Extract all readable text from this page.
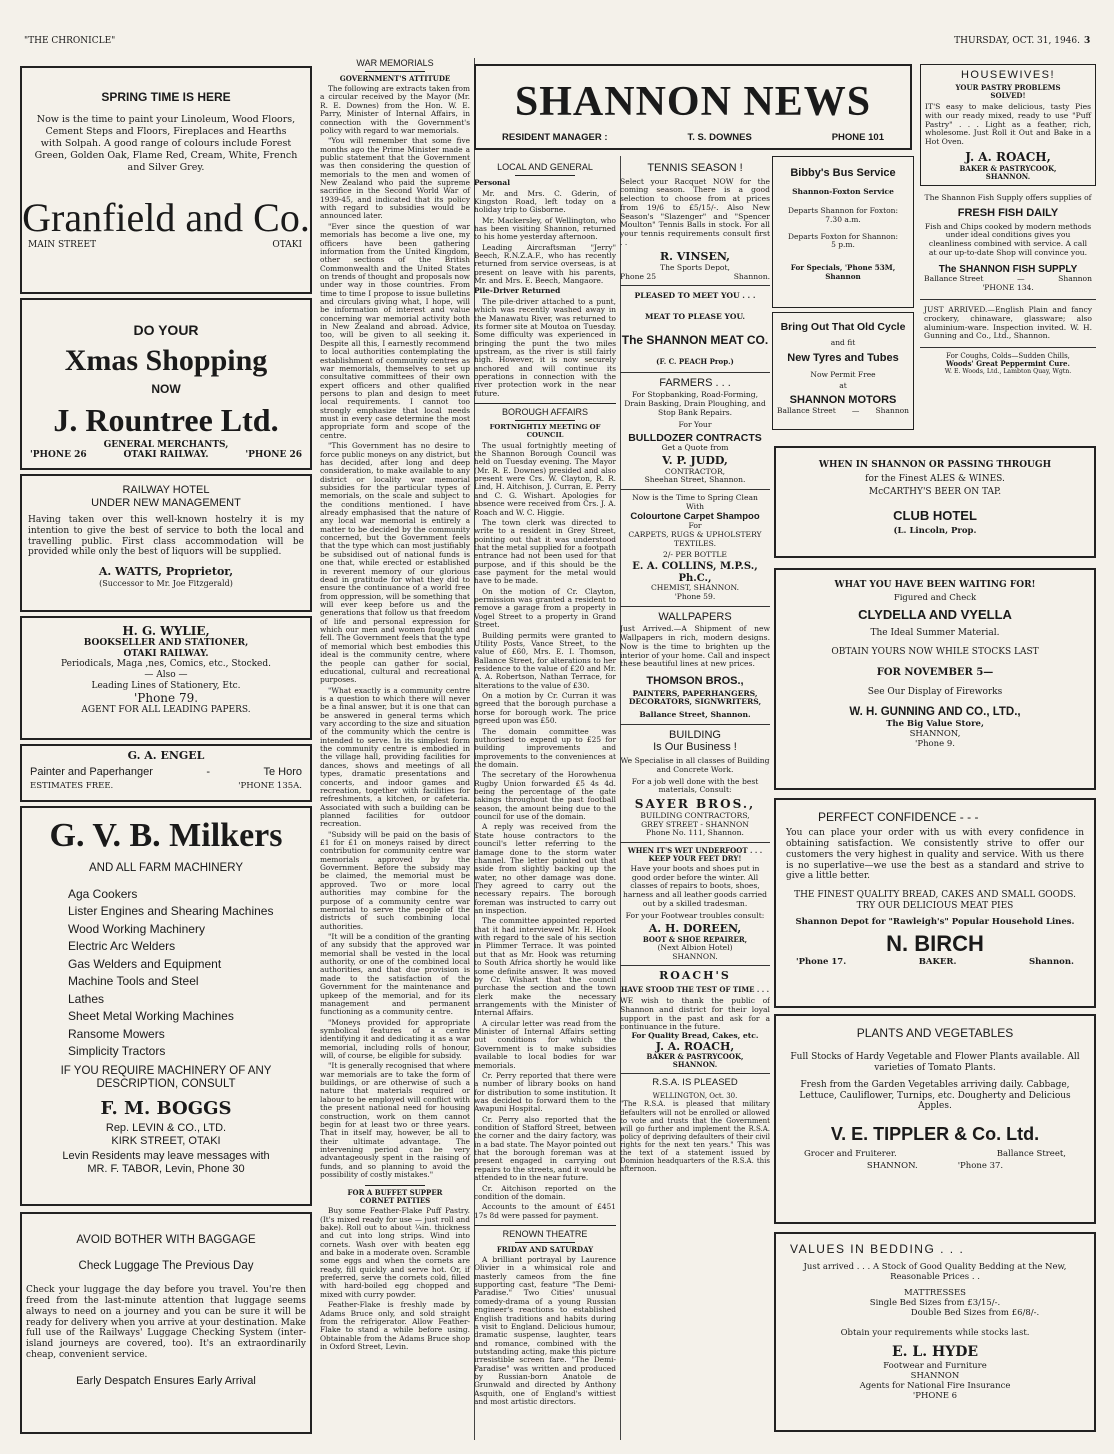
"THE CHRONICLE"	THURSDAY, OCT. 31, 1946. 3
SPRING TIME IS HERE
Now is the time to paint your Linoleum, Wood Floors, Cement Steps and Floors, Fireplaces and Hearths with Solpah. A good range of colours include Forest Green, Golden Oak, Flame Red, Cream, White, French and Silver Grey.
Granfield and Co.
MAIN STREET	OTAKI
DO YOUR
Xmas Shopping
NOW
J. Rountree Ltd.
GENERAL MERCHANTS,
'PHONE 26	OTAKI RAILWAY.	'PHONE 26
RAILWAY HOTEL
UNDER NEW MANAGEMENT
Having taken over this well-known hostelry it is my intention to give the best of service to both the local and travelling public. First class accommodation will be provided while only the best of liquors will be supplied.
A. WATTS, Proprietor,
(Successor to Mr. Joe Fitzgerald)
H. G. WYLIE,
BOOKSELLER AND STATIONER,
OTAKI RAILWAY.
Periodicals, Maga ,nes, Comics, etc., Stocked.
— Also —
Leading Lines of Stationery, Etc.
'Phone 79.
AGENT FOR ALL LEADING PAPERS.
G. A. ENGEL
Painter and Paperhanger	-	Te Horo
ESTIMATES FREE.	'PHONE 135A.
G. V. B. Milkers
AND ALL FARM MACHINERY
Aga Cookers
Lister Engines and Shearing Machines
Wood Working Machinery
Electric Arc Welders
Gas Welders and Equipment
Machine Tools and Steel
Lathes
Sheet Metal Working Machines
Ransome Mowers
Simplicity Tractors
IF YOU REQUIRE MACHINERY OF ANY
DESCRIPTION, CONSULT
F. M. BOGGS
Rep. LEVIN & CO., LTD.
KIRK STREET, OTAKI
Levin Residents may leave messages with
MR. F. TABOR, Levin, Phone 30
AVOID BOTHER WITH BAGGAGE
Check Luggage The Previous Day
Check your luggage the day before you travel. You're then freed from the last-minute attention that luggage seems always to need on a journey and you can be sure it will be ready for delivery when you arrive at your destination. Make full use of the Railways' Luggage Checking System (inter-island journeys are covered, too). It's an extraordinarily cheap, convenient service.
Early Despatch Ensures Early Arrival
WAR MEMORIALS
GOVERNMENT'S ATTITUDE

The following are extracts taken from a circular received by the Mayor (Mr. R. E. Downes) from the Hon. W. E. Parry, Minister of Internal Affairs, in connection with the Government's policy with regard to war memorials.

"You will remember that some five months ago the Prime Minister made a public statement that the Government was then considering the question of memorials to the men and women of New Zealand who paid the supreme sacrifice in the Second World War of 1939-45, and indicated that its policy with regard to subsidies would be announced later.

"Ever since the question of war memorials has become a live one, my officers have been gathering information from the United Kingdom, other sections of the British Commonwealth and the United States on trends of thought and proposals now under way in those countries. From time to time I propose to issue bulletins and circulars giving what, I hope, will be information of interest and value concerning war memorial activity both in New Zealand and abroad. Advice, too, will be given to all seeking it. Despite all this, I earnestly recommend to local authorities contemplating the establishment of community centres as war memorials, themselves to set up consultative committees of their own expert officers and other qualified persons to plan and design to meet local requirements. I cannot too strongly emphasize that local needs must in every case determine the most appropriate form and scope of the centre.

"This Government has no desire to force public moneys on any district, but has decided, after long and deep consideration, to make available to any district or locality war memorial subsidies for the particular types of memorials, on the scale and subject to the conditions mentioned. I have already emphasised that the nature of any local war memorial is entirely a matter to be decided by the community concerned, but the Government feels that the type which can most justifiably be subsidised out of national funds is one that, while erected or established in reverent memory of our glorious dead in gratitude for what they did to ensure the continuance of a world free from oppression, will be something that will ever keep before us and the generations that follow us that freedom of life and personal expression for which our men and women fought and fell. The Government feels that the type of memorial which best embodies this ideal is the community centre, where the people can gather for social, educational, cultural and recreational purposes.

"What exactly is a community centre is a question to which there will never be a final answer, but it is one that can be answered in general terms which vary according to the size and situation of the community which the centre is intended to serve. In its simplest form the community centre is embodied in the village hall, providing facilities for dances, shows and meetings of all types, dramatic presentations and concerts, and indoor games and recreation, together with facilities for refreshments, a kitchen, or cafeteria. Associated with such a building can be planned facilities for outdoor recreation.

"Subsidy will be paid on the basis of £1 for £1 on moneys raised by direct contribution for community centre war memorials approved by the Government. Before the subsidy may be claimed, the memorial must be approved. Two or more local authorities may combine for the purpose of a community centre war memorial to serve the people of the districts of such combining local authorities.

"It will be a condition of the granting of any subsidy that the approved war memorial shall be vested in the local authority, or one of the combined local authorities, and that due provision is made to the satisfaction of the Government for the maintenance and upkeep of the memorial, and for its management and permanent functioning as a community centre.

"Moneys provided for appropriate symbolical features of a centre identifying it and dedicating it as a war memorial, including rolls of honour, will, of course, be eligible for subsidy.

"It is generally recognised that where war memorials are to take the form of buildings, or are otherwise of such a nature that materials required or labour to be employed will conflict with the present national need for housing construction, work on them cannot begin for at least two or three years. That in itself may, however, be all to their ultimate advantage. The intervening period can be very advantageously spent in the raising of funds, and so planning to avoid the possibility of costly mistakes."

FOR A BUFFET SUPPER
CORNET PATTIES

Buy some Feather-Flake Puff Pastry. (It's mixed ready for use — just roll and bake). Roll out to about ¼in. thickness and cut into long strips. Wind into cornets. Wash over with beaten egg and bake in a moderate oven. Scramble some eggs and when the cornets are ready, fill quickly and serve hot. Or, if preferred, serve the cornets cold, filled with hard-boiled egg chopped and mixed with curry powder.

Feather-Flake is freshly made by Adams Bruce only, and sold straight from the refrigerator. Allow Feather-Flake to stand a while before using. Obtainable from the Adams Bruce shop in Oxford Street, Levin.

SHANNON NEWS
RESIDENT MANAGER :	T. S. DOWNES	PHONE 101
LOCAL AND GENERAL

Personal

Mr. and Mrs. C. Gderin, of Kingston Road, left today on a holiday trip to Gisborne.

Mr. Mackersley, of Wellington, who has been visiting Shannon, returned to his home yesterday afternoon.

Leading Aircraftsman "Jerry" Beech, R.N.Z.A.F., who has recently returned from service overseas, is at present on leave with his parents, Mr. and Mrs. E. Beech, Mangaore.

Pile-Driver Returned

The pile-driver attached to a punt, which was recently washed away in the Manawatu River, was returned to its former site at Moutoa on Tuesday. Some difficulty was experienced in bringing the punt the two miles upstream, as the river is still fairly high. However, it is now securely anchored and will continue its operations in connection with the river protection work in the near future.

BOROUGH AFFAIRS
FORTNIGHTLY MEETING OF
COUNCIL

The usual fortnightly meeting of the Shannon Borough Council was held on Tuesday evening. The Mayor (Mr. R. E. Downes) presided and also present were Crs. W. Clayton, R. R. Lind, H. Aitchison, J. Curran, E. Perry and C. G. Wishart. Apologies for absence were received from Crs. J. A. Roach and W. C. Higgie.

The town clerk was directed to write to a resident in Grey Street, pointing out that it was understood that the metal supplied for a footpath entrance had not been used for that purpose, and if this should be the case payment for the metal would have to be made.

On the motion of Cr. Clayton, permission was granted a resident to remove a garage from a property in Vogel Street to a property in Grand Street.

Building permits were granted to Utility Posts, Vance Street, to the value of £60, Mrs. E. I. Thomson, Ballance Street, for alterations to her residence to the value of £20 and Mr. A. A. Robertson, Nathan Terrace, for alterations to the value of £30.

On a motion by Cr. Curran it was agreed that the borough purchase a horse for borough work. The price agreed upon was £50.

The domain committee was authorised to expend up to £25 for building improvements and improvements to the conveniences at the domain.

The secretary of the Horowhenua Rugby Union forwarded £5 4s 4d. being the percentage of the gate takings throughout the past football season, the amount being due to the council for use of the domain.

A reply was received from the State house contractors to the council's letter referring to the damage done to the storm water channel. The letter pointed out that aside from slightly backing up the water, no other damage was done. They agreed to carry out the necessary repairs. The borough foreman was instructed to carry out an inspection.

The committee appointed reported that it had interviewed Mr. H. Hook with regard to the sale of his section in Plimmer Terrace. It was pointed out that as Mr. Hook was returning to South Africa shortly he would like some definite answer. It was moved by Cr. Wishart that the council purchase the section and the town clerk make the necessary arrangements with the Minister of Internal Affairs.

A circular letter was read from the Minister of Internal Affairs setting out conditions for which the Government is to make subsidies available to local bodies for war memorials.

Cr. Perry reported that there were a number of library books on hand for distribution to some institution. It was decided to forward them to the Awapuni Hospital.

Cr. Perry also reported that the condition of Stafford Street, between the corner and the dairy factory, was in a bad state. The Mayor pointed out that the borough foreman was at present engaged in carrying out repairs to the streets, and it would be attended to in the near future.

Cr. Aitchison reported on the condition of the domain.

Accounts to the amount of £451 17s 8d were passed for payment.

RENOWN THEATRE
FRIDAY AND SATURDAY

A brilliant portrayal by Laurence Olivier in a whimsical role and masterly cameos from the fine supporting cast, feature "The Demi-Paradise." Two Cities' unusual comedy-drama of a young Russian engineer's reactions to established English traditions and habits during a visit to England. Delicious humour, dramatic suspense, laughter, tears and romance, combined with the outstanding acting, make this picture irresistible screen fare. "The Demi-Paradise" was written and produced by Russian-born Anatole de Grunwald and directed by Anthony Asquith, one of England's wittiest and most artistic directors.

TENNIS SEASON !
Select your Racquet NOW for the coming season. There is a good selection to choose from at prices from 19/6 to £5/15/-. Also New Season's "Slazenger" and "Spencer Moulton" Tennis Balls in stock. For all your tennis requirements consult first . .
R. VINSEN,
The Sports Depot,
Phone 25	Shannon.
PLEASED TO MEET YOU . . .
MEAT TO PLEASE YOU.
The SHANNON MEAT CO.
(F. C. PEACH Prop.)
FARMERS . . .
For Stopbanking, Road-Forming, Drain Basking, Drain Ploughing, and Stop Bank Repairs.
For Your
BULLDOZER CONTRACTS
Get a Quote from
V. P. JUDD,
CONTRACTOR,
Sheehan Street, Shannon.
Now is the Time to Spring Clean
With
Colourtone Carpet Shampoo
For
CARPETS, RUGS & UPHOLSTERY TEXTILES.
2/- PER BOTTLE
E. A. COLLINS, M.P.S., Ph.C.,
CHEMIST, SHANNON.
'Phone 59.
WALLPAPERS
Just Arrived.—A Shipment of new Wallpapers in rich, modern designs. Now is the time to brighten up the interior of your home. Call and inspect these beautiful lines at new prices.
THOMSON BROS.,
PAINTERS, PAPERHANGERS, DECORATORS, SIGNWRITERS,
Ballance Street, Shannon.
BUILDING
Is Our Business !
We Specialise in all classes of Building and Concrete Work.
For a job well done with the best materials, Consult:
SAYER BROS.,
BUILDING CONTRACTORS,
GREY STREET - SHANNON
Phone No. 111, Shannon.
WHEN IT'S WET UNDERFOOT . . .
KEEP YOUR FEET DRY!
Have your boots and shoes put in good order before the winter. All classes of repairs to boots, shoes, harness and all leather goods carried out by a skilled tradesman.
For your Footwear troubles consult:
A. H. DOREEN,
BOOT & SHOE REPAIRER,
(Next Albion Hotel)
SHANNON.
ROACH'S
HAVE STOOD THE TEST OF TIME . . .
WE wish to thank the public of Shannon and district for their loyal support in the past and ask for a continuance in the future.
For Quality Bread, Cakes, etc.
J. A. ROACH,
BAKER & PASTRYCOOK,
SHANNON.
R.S.A. IS PLEASED
WELLINGTON, Oct. 30.
"The R.S.A. is pleased that military defaulters will not be enrolled or allowed to vote and trusts that the Government will go further and implement the R.S.A. policy of depriving defaulters of their civil rights for the next ten years." This was the text of a statement issued by Dominion headquarters of the R.S.A. this afternoon.
Bibby's Bus Service
Shannon-Foxton Service
Departs Shannon for Foxton:
7.30 a.m.
Departs Foxton for Shannon:
5 p.m.
For Specials, 'Phone 53M, Shannon
Bring Out That Old Cycle
and fit
New Tyres and Tubes
Now Permit Free
at
SHANNON MOTORS
Ballance Street — Shannon
HOUSEWIVES!
YOUR PASTRY PROBLEMS
SOLVED!
IT'S easy to make delicious, tasty Pies with our ready mixed, ready to use "Puff Pastry" . . . Light as a feather, rich, wholesome. Just Roll it Out and Bake in a Hot Oven.
J. A. ROACH,
BAKER & PASTRYCOOK,
SHANNON.
The Shannon Fish Supply offers supplies of
FRESH FISH DAILY
Fish and Chips cooked by modern methods under ideal conditions gives you cleanliness combined with service. A call at our up-to-date Shop will convince you.
The SHANNON FISH SUPPLY
Ballance Street	—	Shannon
'PHONE 134.
JUST ARRIVED.—English Plain and fancy crockery, chinaware, glassware; also aluminium-ware. Inspection invited. W. H. Gunning and Co., Ltd., Shannon.
For Coughs, Colds—Sudden Chills,
Woods' Great Peppermint Cure.
W. E. Woods, Ltd., Lambton Quay, Wgtn.
WHEN IN SHANNON OR PASSING THROUGH
for the Finest ALES & WINES.
McCARTHY'S BEER ON TAP.
CLUB HOTEL
(L. Lincoln, Prop.
WHAT YOU HAVE BEEN WAITING FOR!
Figured and Check
CLYDELLA AND VYELLA
The Ideal Summer Material.
OBTAIN YOURS NOW WHILE STOCKS LAST
FOR NOVEMBER 5—
See Our Display of Fireworks
W. H. GUNNING AND CO., LTD.,
The Big Value Store,
SHANNON,
'Phone 9.
PERFECT CONFIDENCE - - -
You can place your order with us with every confidence in obtaining satisfaction. We consistently strive to offer our customers the very highest in quality and service. With us there is no superlative—we use the best as a standard and strive to give a little better.
THE FINEST QUALITY BREAD, CAKES AND SMALL GOODS.
TRY OUR DELICIOUS MEAT PIES
Shannon Depot for "Rawleigh's" Popular Household Lines.
N. BIRCH
'Phone 17.	BAKER.	Shannon.
PLANTS AND VEGETABLES
Full Stocks of Hardy Vegetable and Flower Plants available. All varieties of Tomato Plants.
Fresh from the Garden Vegetables arriving daily. Cabbage, Lettuce, Cauliflower, Turnips, etc. Dougherty and Delicious Apples.
V. E. TIPPLER & Co. Ltd.
Grocer and Fruiterer.	Ballance Street,
SHANNON.	'Phone 37.
VALUES IN BEDDING . . .
Just arrived . . . A Stock of Good Quality Bedding at the New, Reasonable Prices . .
MATTRESSES
Single Bed Sizes from £3/15/-.
Double Bed Sizes from £6/8/-.
Obtain your requirements while stocks last.
E. L. HYDE
Footwear and Furniture
SHANNON
Agents for National Fire Insurance
'PHONE 6
